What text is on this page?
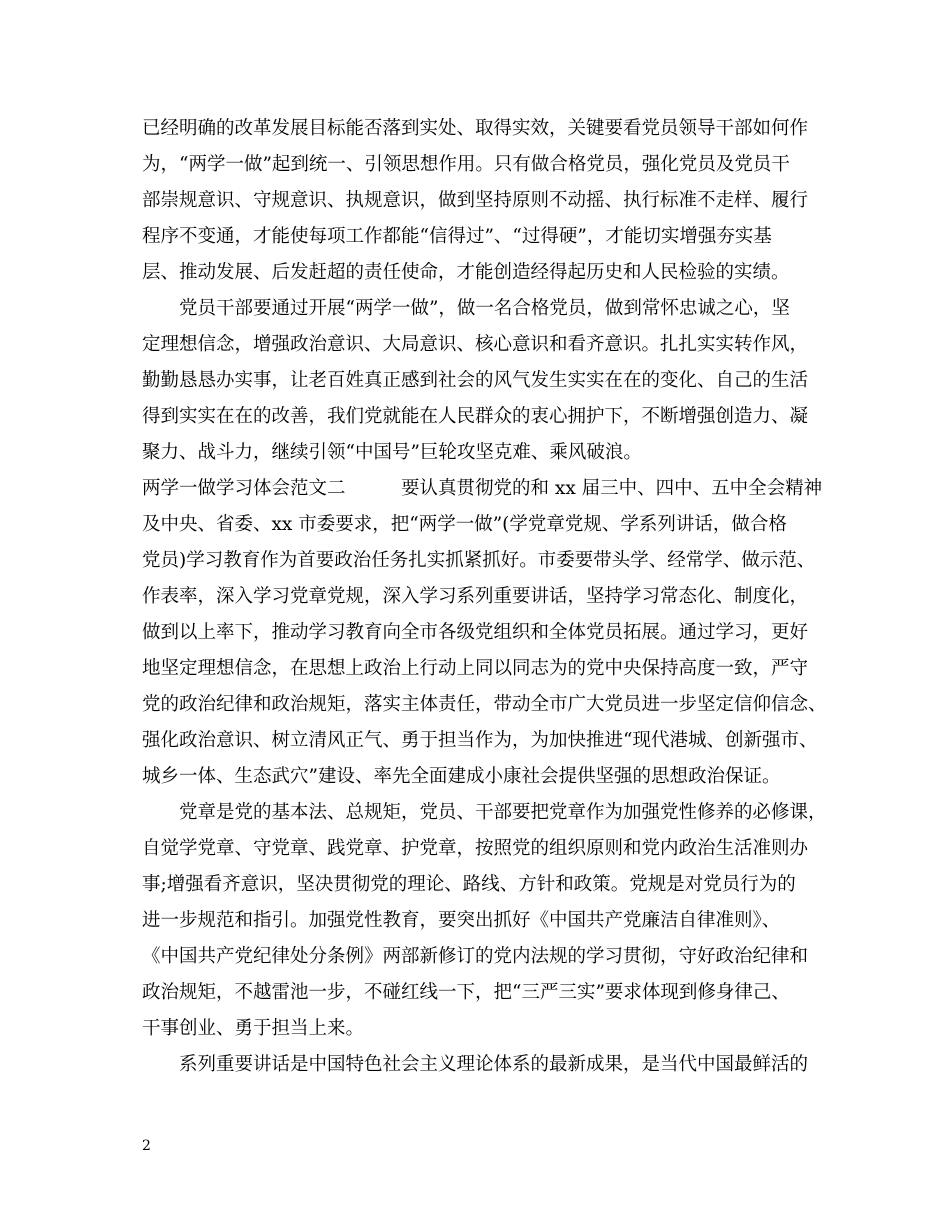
已经明确的改革发展目标能否落到实处、取得实效，关键要看党员领导干部如何作
为，“两学一做”起到统一、引领思想作用。只有做合格党员，强化党员及党员干
部崇规意识、守规意识、执规意识，做到坚持原则不动摇、执行标准不走样、履行
程序不变通，才能使每项工作都能“信得过”、“过得硬”，才能切实增强夯实基
层、推动发展、后发赶超的责任使命，才能创造经得起历史和人民检验的实绩。
　　党员干部要通过开展“两学一做”，做一名合格党员，做到常怀忠诚之心，坚
定理想信念，增强政治意识、大局意识、核心意识和看齐意识。扎扎实实转作风，
勤勤恳恳办实事，让老百姓真正感到社会的风气发生实实在在的变化、自己的生活
得到实实在在的改善，我们党就能在人民群众的衷心拥护下，不断增强创造力、凝
聚力、战斗力，继续引领“中国号”巨轮攻坚克难、乘风破浪。
两学一做学习体会范文二　　　要认真贯彻党的和 xx 届三中、四中、五中全会精神
及中央、省委、xx 市委要求，把“两学一做”(学党章党规、学系列讲话，做合格
党员)学习教育作为首要政治任务扎实抓紧抓好。市委要带头学、经常学、做示范、
作表率，深入学习党章党规，深入学习系列重要讲话，坚持学习常态化、制度化，
做到以上率下，推动学习教育向全市各级党组织和全体党员拓展。通过学习，更好
地坚定理想信念，在思想上政治上行动上同以同志为的党中央保持高度一致，严守
党的政治纪律和政治规矩，落实主体责任，带动全市广大党员进一步坚定信仰信念、
强化政治意识、树立清风正气、勇于担当作为，为加快推进“现代港城、创新强市、
城乡一体、生态武穴”建设、率先全面建成小康社会提供坚强的思想政治保证。
　　党章是党的基本法、总规矩，党员、干部要把党章作为加强党性修养的必修课，
自觉学党章、守党章、践党章、护党章，按照党的组织原则和党内政治生活准则办
事;增强看齐意识，坚决贯彻党的理论、路线、方针和政策。党规是对党员行为的
进一步规范和指引。加强党性教育，要突出抓好《中国共产党廉洁自律准则》、
《中国共产党纪律处分条例》两部新修订的党内法规的学习贯彻，守好政治纪律和
政治规矩，不越雷池一步，不碰红线一下，把“三严三实”要求体现到修身律己、
干事创业、勇于担当上来。
　　系列重要讲话是中国特色社会主义理论体系的最新成果，是当代中国最鲜活的
2
